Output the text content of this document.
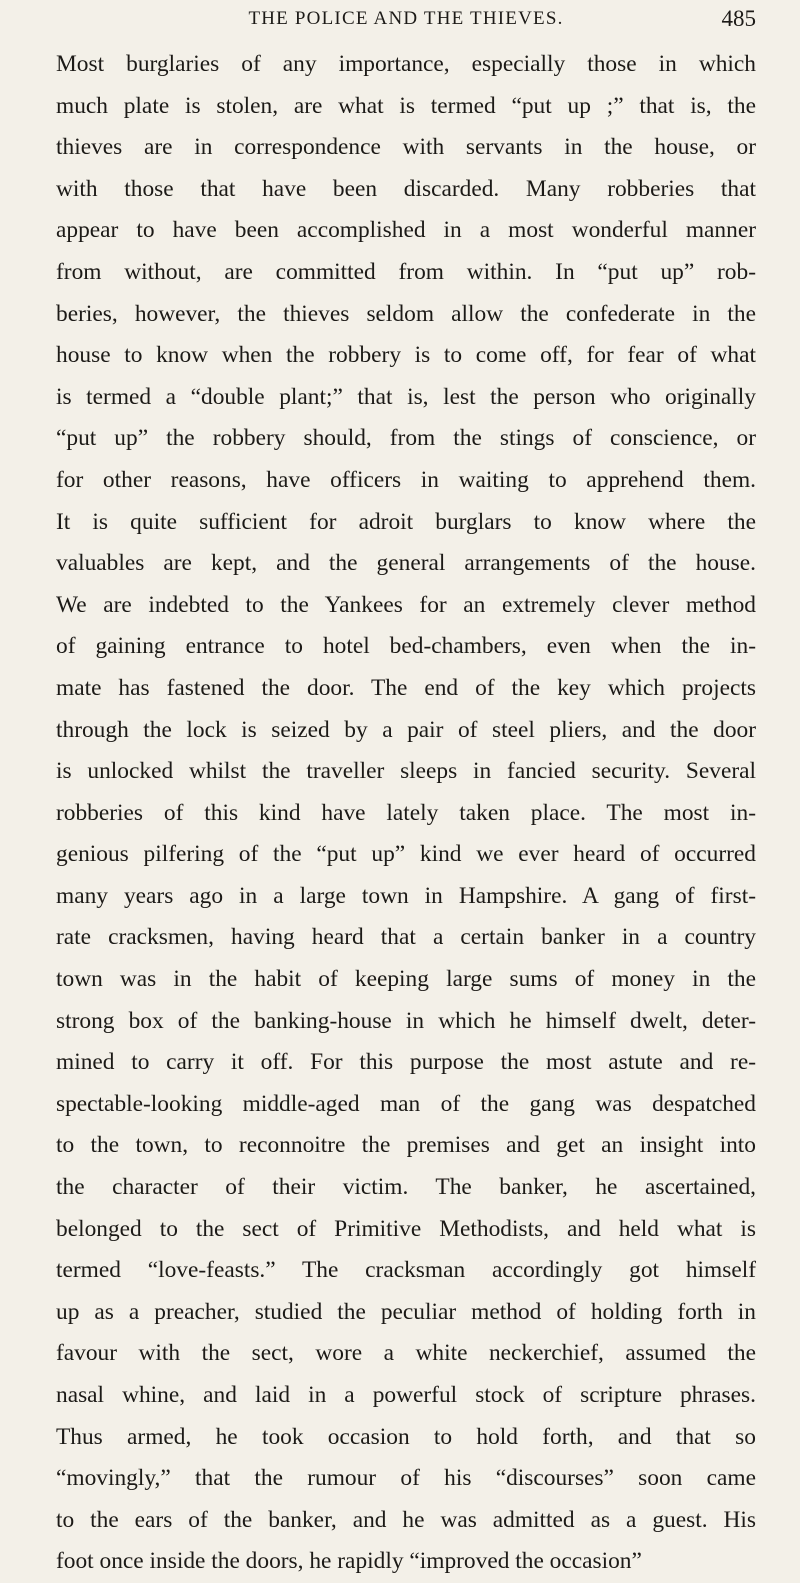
THE POLICE AND THE THIEVES.	485
Most burglaries of any importance, especially those in which
much plate is stolen, are what is termed “put up ;” that is, the
thieves are in correspondence with servants in the house, or
with those that have been discarded. Many robberies that
appear to have been accomplished in a most wonderful manner
from without, are committed from within. In “put up” rob-
beries, however, the thieves seldom allow the confederate in the
house to know when the robbery is to come off, for fear of what
is termed a “double plant;” that is, lest the person who originally
“put up” the robbery should, from the stings of conscience, or
for other reasons, have officers in waiting to apprehend them.
It is quite sufficient for adroit burglars to know where the
valuables are kept, and the general arrangements of the house.
We are indebted to the Yankees for an extremely clever method
of gaining entrance to hotel bed-chambers, even when the in-
mate has fastened the door. The end of the key which projects
through the lock is seized by a pair of steel pliers, and the door
is unlocked whilst the traveller sleeps in fancied security. Several
robberies of this kind have lately taken place. The most in-
genious pilfering of the “put up” kind we ever heard of occurred
many years ago in a large town in Hampshire. A gang of first-
rate cracksmen, having heard that a certain banker in a country
town was in the habit of keeping large sums of money in the
strong box of the banking-house in which he himself dwelt, deter-
mined to carry it off. For this purpose the most astute and re-
spectable-looking middle-aged man of the gang was despatched
to the town, to reconnoitre the premises and get an insight into
the character of their victim. The banker, he ascertained,
belonged to the sect of Primitive Methodists, and held what is
termed “love-feasts.” The cracksman accordingly got himself
up as a preacher, studied the peculiar method of holding forth in
favour with the sect, wore a white neckerchief, assumed the
nasal whine, and laid in a powerful stock of scripture phrases.
Thus armed, he took occasion to hold forth, and that so
“movingly,” that the rumour of his “discourses” soon came
to the ears of the banker, and he was admitted as a guest. His
foot once inside the doors, he rapidly “improved the occasion”
